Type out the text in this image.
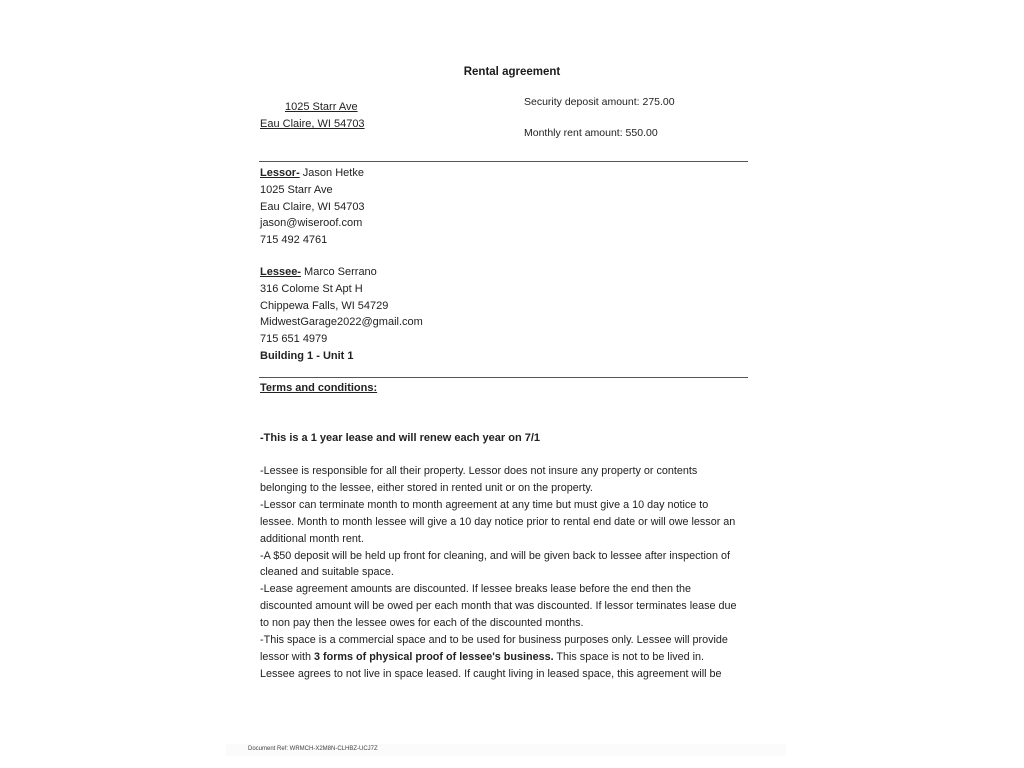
Rental agreement
1025 Starr Ave
Eau Claire, WI 54703
Security deposit amount: 275.00
Monthly rent amount: 550.00
Lessor- Jason Hetke
1025 Starr Ave
Eau Claire, WI 54703
jason@wiseroof.com
715 492 4761
Lessee- Marco Serrano
316 Colome St Apt H
Chippewa Falls, WI 54729
MidwestGarage2022@gmail.com
715 651 4979
Building 1 - Unit 1
Terms and conditions:
-This is a 1 year lease and will renew each year on 7/1
-Lessee is responsible for all their property. Lessor does not insure any property or contents
belonging to the lessee, either stored in rented unit or on the property.
-Lessor can terminate month to month agreement at any time but must give a 10 day notice to
lessee. Month to month lessee will give a 10 day notice prior to rental end date or will owe lessor an
additional month rent.
-A $50 deposit will be held up front for cleaning, and will be given back to lessee after inspection of
cleaned and suitable space.
-Lease agreement amounts are discounted. If lessee breaks lease before the end then the
discounted amount will be owed per each month that was discounted. If lessor terminates lease due
to non pay then the lessee owes for each of the discounted months.
-This space is a commercial space and to be used for business purposes only. Lessee will provide
lessor with 3 forms of physical proof of lessee's business. This space is not to be lived in.
Lessee agrees to not live in space leased. If caught living in leased space, this agreement will be
Document Ref: WRMCH-X2M8N-CLHBZ-UCJ7Z
